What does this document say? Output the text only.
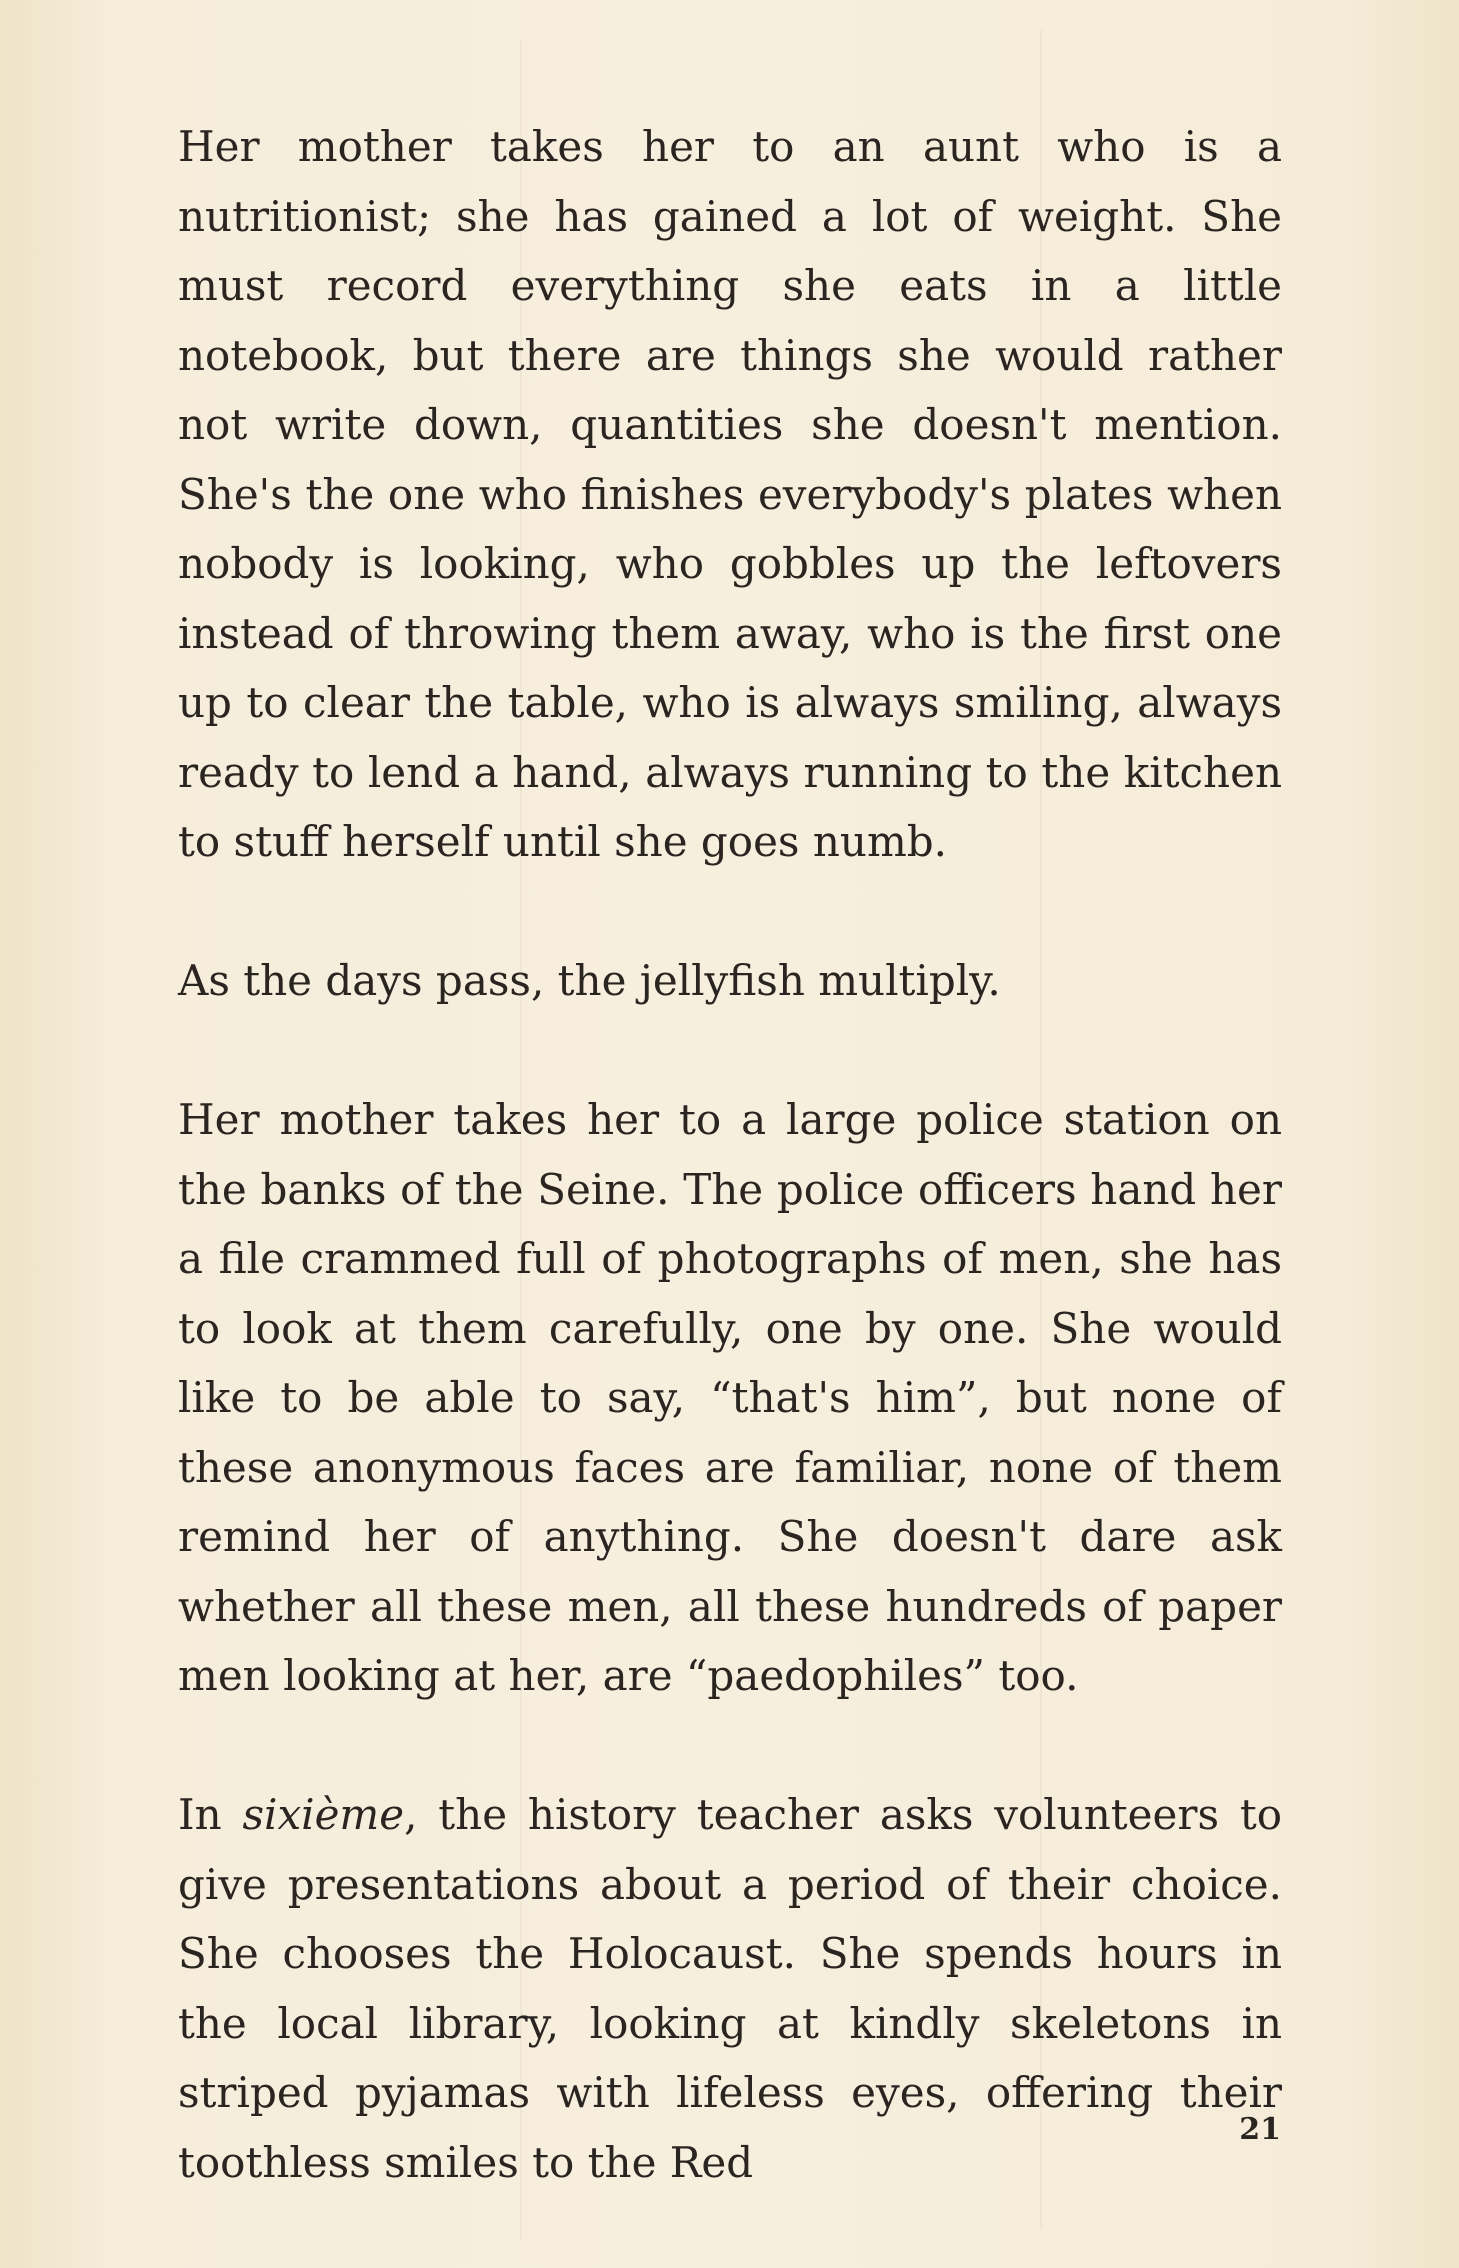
Her mother takes her to an aunt who is a nutritionist; she has gained a lot of weight. She must record everything she eats in a little notebook, but there are things she would rather not write down, quantities she doesn't mention. She's the one who finishes everybody's plates when nobody is looking, who gobbles up the leftovers instead of throwing them away, who is the first one up to clear the table, who is always smiling, always ready to lend a hand, always running to the kitchen to stuff herself until she goes numb.

As the days pass, the jellyfish multiply.

Her mother takes her to a large police station on the banks of the Seine. The police officers hand her a file crammed full of photographs of men, she has to look at them carefully, one by one. She would like to be able to say, “that's him”, but none of these anonymous faces are familiar, none of them remind her of anything. She doesn't dare ask whether all these men, all these hundreds of paper men looking at her, are “paedophiles” too.

In sixième, the history teacher asks volunteers to give presentations about a period of their choice. She chooses the Holocaust. She spends hours in the local library, looking at kindly skeletons in striped pyjamas with lifeless eyes, offering their toothless smiles to the Red

21
